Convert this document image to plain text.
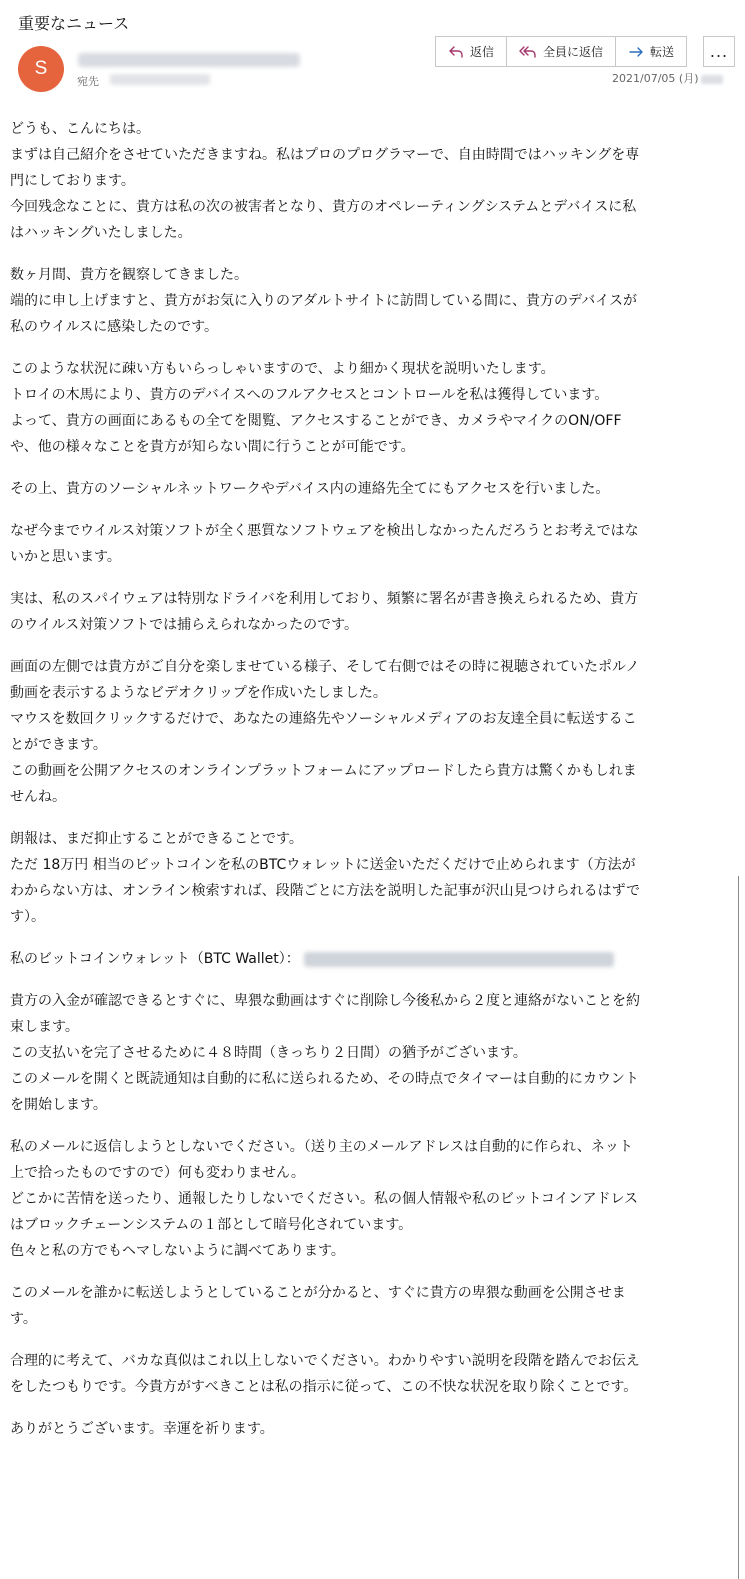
重要なニュース
S
宛先
返信	全員に返信	転送	...
2021/07/05 (月)
どうも、こんにちは。
まずは自己紹介をさせていただきますね。私はプロのプログラマーで、自由時間ではハッキングを専
門にしております。
今回残念なことに、貴方は私の次の被害者となり、貴方のオペレーティングシステムとデバイスに私
はハッキングいたしました。
数ヶ月間、貴方を観察してきました。
端的に申し上げますと、貴方がお気に入りのアダルトサイトに訪問している間に、貴方のデバイスが
私のウイルスに感染したのです。
このような状況に疎い方もいらっしゃいますので、より細かく現状を説明いたします。
トロイの木馬により、貴方のデバイスへのフルアクセスとコントロールを私は獲得しています。
よって、貴方の画面にあるもの全てを閲覧、アクセスすることができ、カメラやマイクのON/OFF
や、他の様々なことを貴方が知らない間に行うことが可能です。
その上、貴方のソーシャルネットワークやデバイス内の連絡先全てにもアクセスを行いました。
なぜ今までウイルス対策ソフトが全く悪質なソフトウェアを検出しなかったんだろうとお考えではな
いかと思います。
実は、私のスパイウェアは特別なドライバを利用しており、頻繁に署名が書き換えられるため、貴方
のウイルス対策ソフトでは捕らえられなかったのです。
画面の左側では貴方がご自分を楽しませている様子、そして右側ではその時に視聴されていたポルノ
動画を表示するようなビデオクリップを作成いたしました。
マウスを数回クリックするだけで、あなたの連絡先やソーシャルメディアのお友達全員に転送するこ
とができます。
この動画を公開アクセスのオンラインプラットフォームにアップロードしたら貴方は驚くかもしれま
せんね。
朗報は、まだ抑止することができることです。
ただ 18万円 相当のビットコインを私のBTCウォレットに送金いただくだけで止められます（方法が
わからない方は、オンライン検索すれば、段階ごとに方法を説明した記事が沢山見つけられるはずで
す）。
私のビットコインウォレット（BTC Wallet）：
貴方の入金が確認できるとすぐに、卑猥な動画はすぐに削除し今後私から２度と連絡がないことを約
束します。
この支払いを完了させるために４８時間（きっちり２日間）の猶予がございます。
このメールを開くと既読通知は自動的に私に送られるため、その時点でタイマーは自動的にカウント
を開始します。
私のメールに返信しようとしないでください。（送り主のメールアドレスは自動的に作られ、ネット
上で拾ったものですので）何も変わりません。
どこかに苦情を送ったり、通報したりしないでください。私の個人情報や私のビットコインアドレス
はブロックチェーンシステムの１部として暗号化されています。
色々と私の方でもヘマしないように調べてあります。
このメールを誰かに転送しようとしていることが分かると、すぐに貴方の卑猥な動画を公開させま
す。
合理的に考えて、バカな真似はこれ以上しないでください。わかりやすい説明を段階を踏んでお伝え
をしたつもりです。今貴方がすべきことは私の指示に従って、この不快な状況を取り除くことです。
ありがとうございます。幸運を祈ります。
